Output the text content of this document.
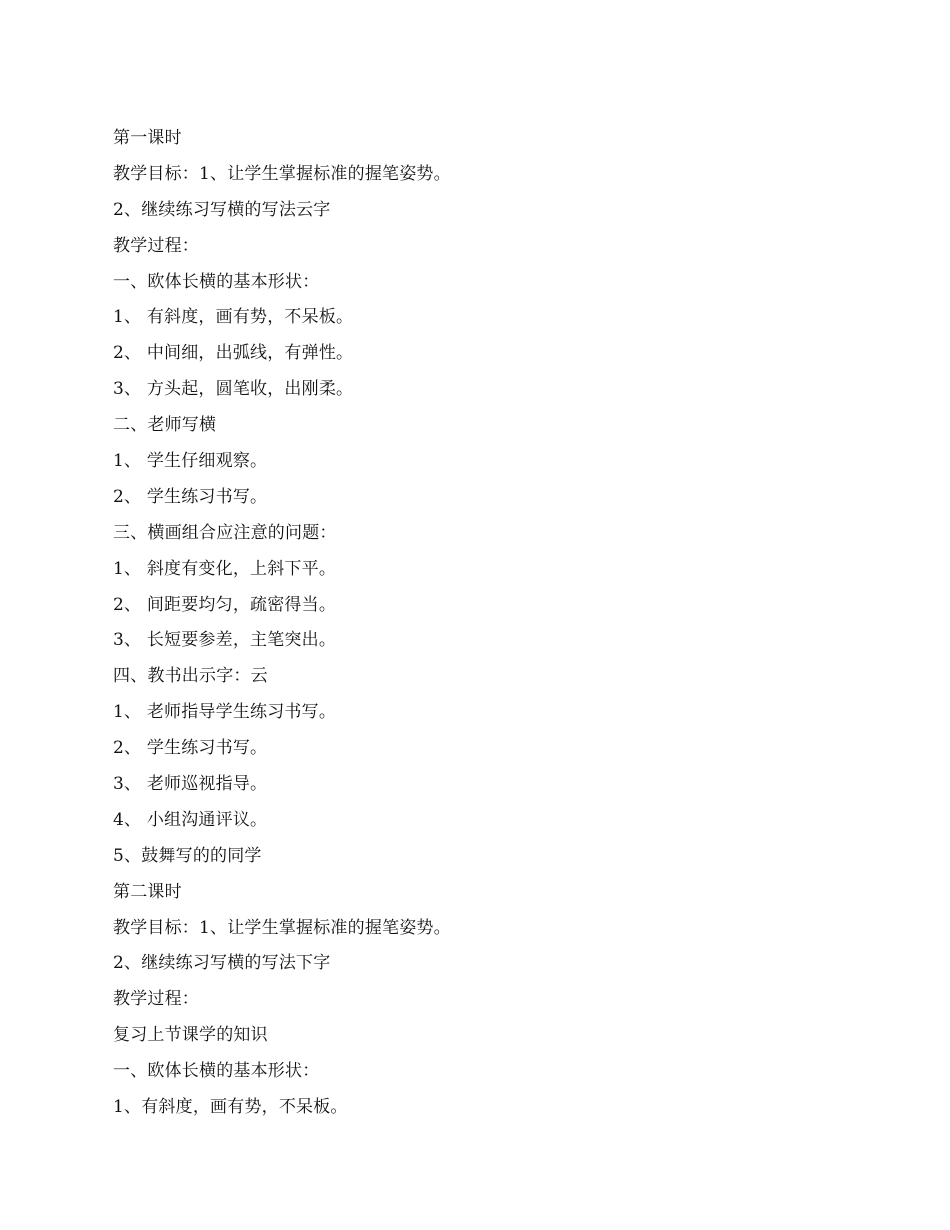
第一课时
教学目标：1、让学生掌握标准的握笔姿势。
2、继续练习写横的写法云字
教学过程：
一、欧体长横的基本形状：
1、 有斜度，画有势，不呆板。
2、 中间细，出弧线，有弹性。
3、 方头起，圆笔收，出刚柔。
二、老师写横
1、 学生仔细观察。
2、 学生练习书写。
三、横画组合应注意的问题：
1、 斜度有变化，上斜下平。
2、 间距要均匀，疏密得当。
3、 长短要参差，主笔突出。
四、教书出示字：云
1、 老师指导学生练习书写。
2、 学生练习书写。
3、 老师巡视指导。
4、 小组沟通评议。
5、鼓舞写的的同学
第二课时
教学目标：1、让学生掌握标准的握笔姿势。
2、继续练习写横的写法下字
教学过程：
复习上节课学的知识
一、欧体长横的基本形状：
1、有斜度，画有势，不呆板。
